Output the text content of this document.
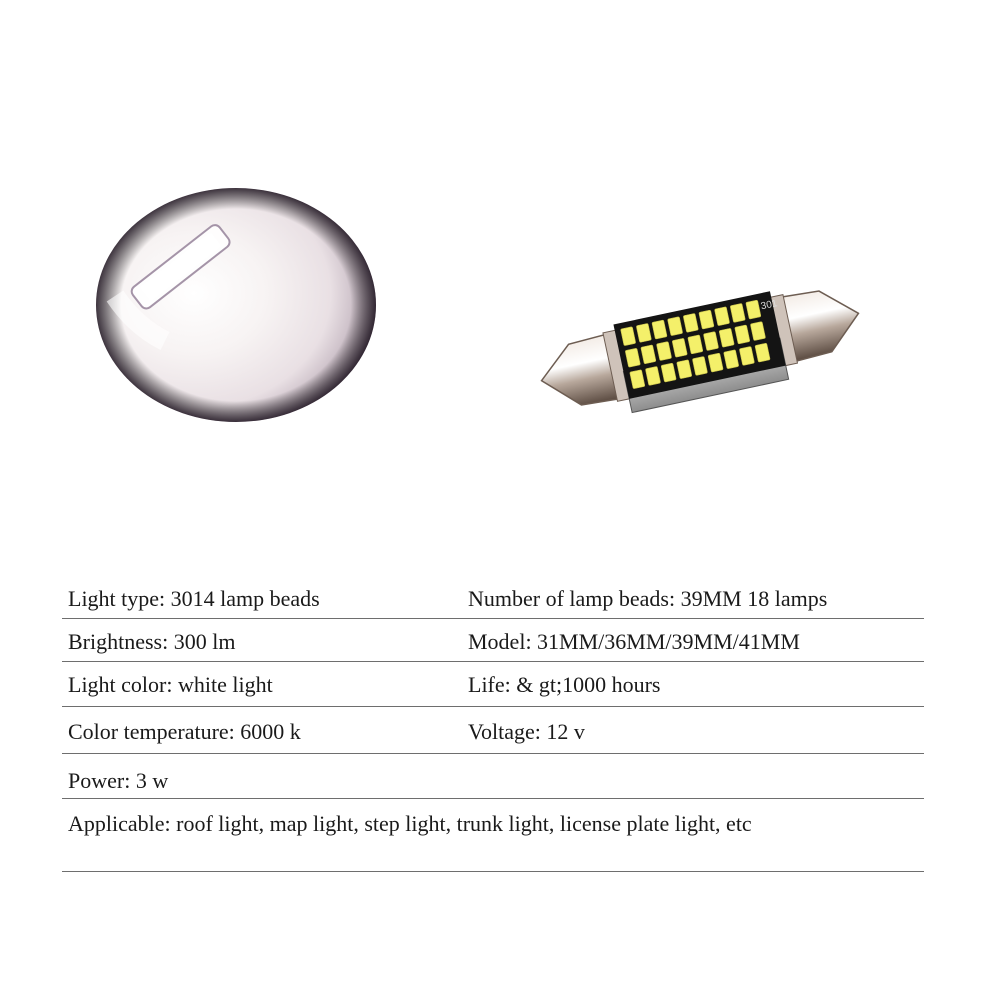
301
Light type: 3014 lamp beads	Number of lamp beads: 39MM 18 lamps
Brightness: 300 lm	Model: 31MM/36MM/39MM/41MM
Light color: white light	Life: & gt;1000 hours
Color temperature: 6000 k	Voltage: 12 v
Power: 3 w
Applicable: roof light, map light, step light, trunk light, license plate light, etc
